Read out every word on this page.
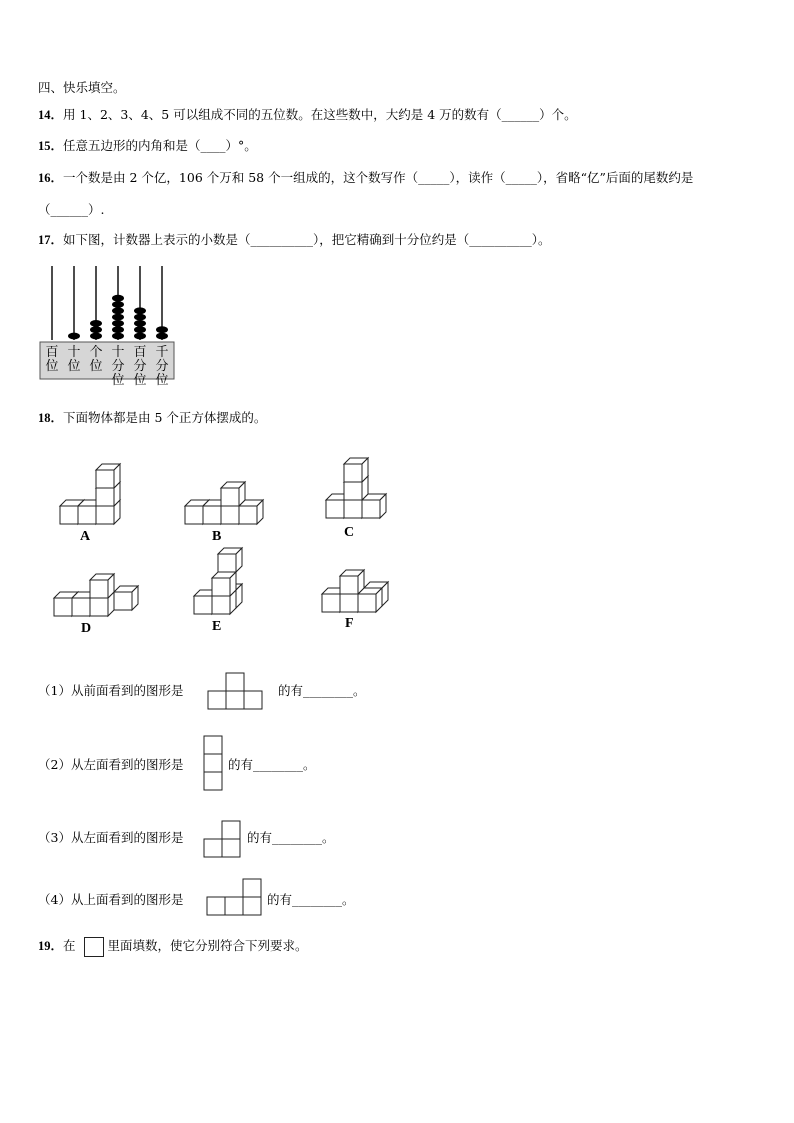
四、快乐填空。
14．用 1、2、3、4、5 可以组成不同的五位数。在这些数中，大约是 4 万的数有（______）个。
15．任意五边形的内角和是（____）°。
16．一个数是由 2 个亿，106 个万和 58 个一组成的，这个数写作（_____），读作（_____），省略“亿”后面的尾数约是
（______）.
17．如下图，计数器上表示的小数是（__________），把它精确到十分位约是（__________）。
百
位
十
位
个
位
十
分
位
百
分
位
千
分
位
18．下面物体都是由 5 个正方体摆成的。
A	B	C
D	E	F
（1）从前面看到的图形是	的有________。
（2）从左面看到的图形是	的有________。
（3）从左面看到的图形是	的有________。
（4）从上面看到的图形是	的有________。
19．在	里面填数，使它分别符合下列要求。
